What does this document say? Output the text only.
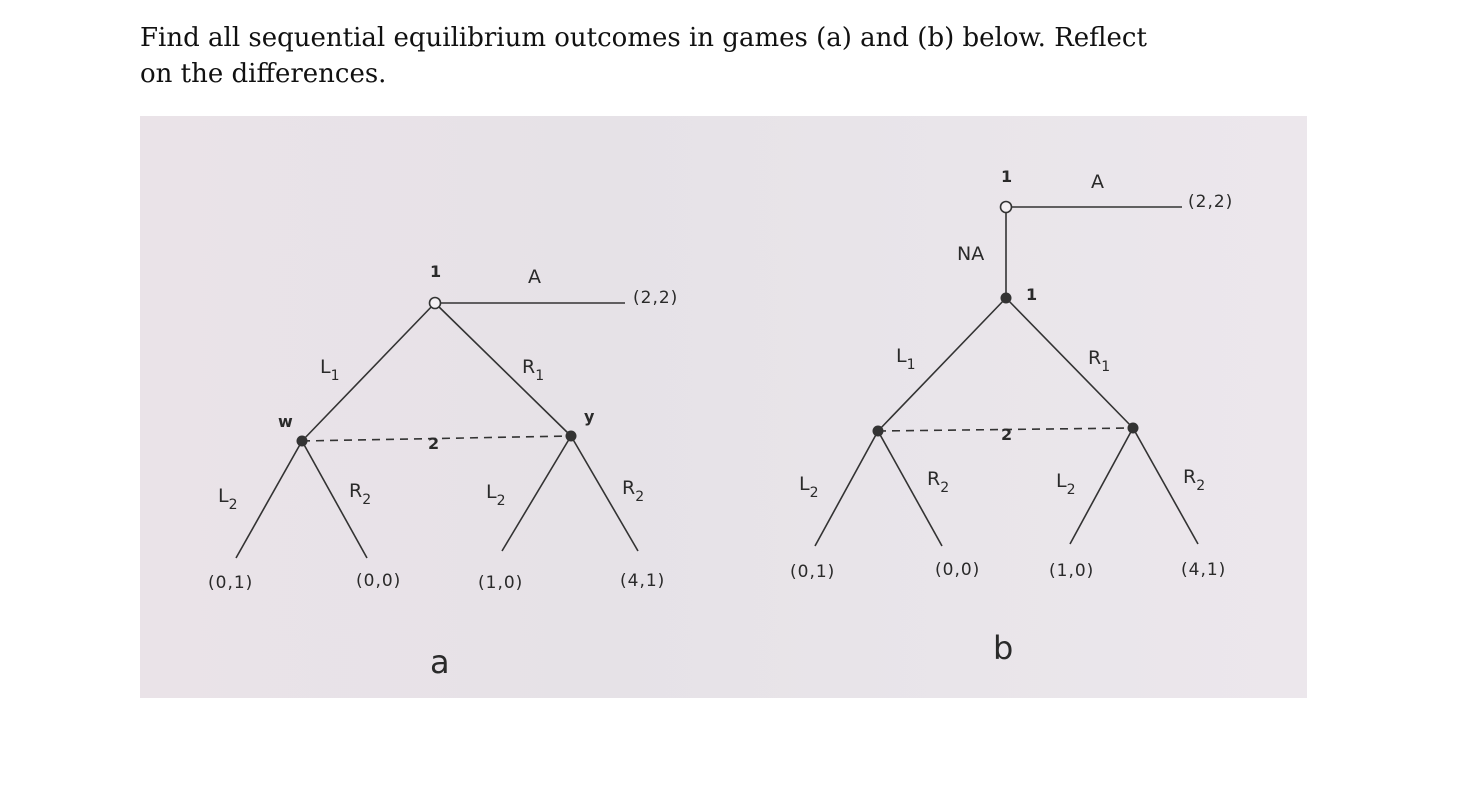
Find all sequential equilibrium outcomes in games (a) and (b) below. Reflect
on the differences.
1	A
(2,2)
$L_1$	$R_1$
w	y
2
$L_2$
$R_2$	$L_2$
$R_2$
(0,1)	(0,0)	(1,0)	(4,1)
a
1	A
(2,2)
NA
1
$L_1$	$R_1$
2
$L_2$
$R_2$	$L_2$
$R_2$
(0,1)	(0,0)	(1,0)	(4,1)
b
